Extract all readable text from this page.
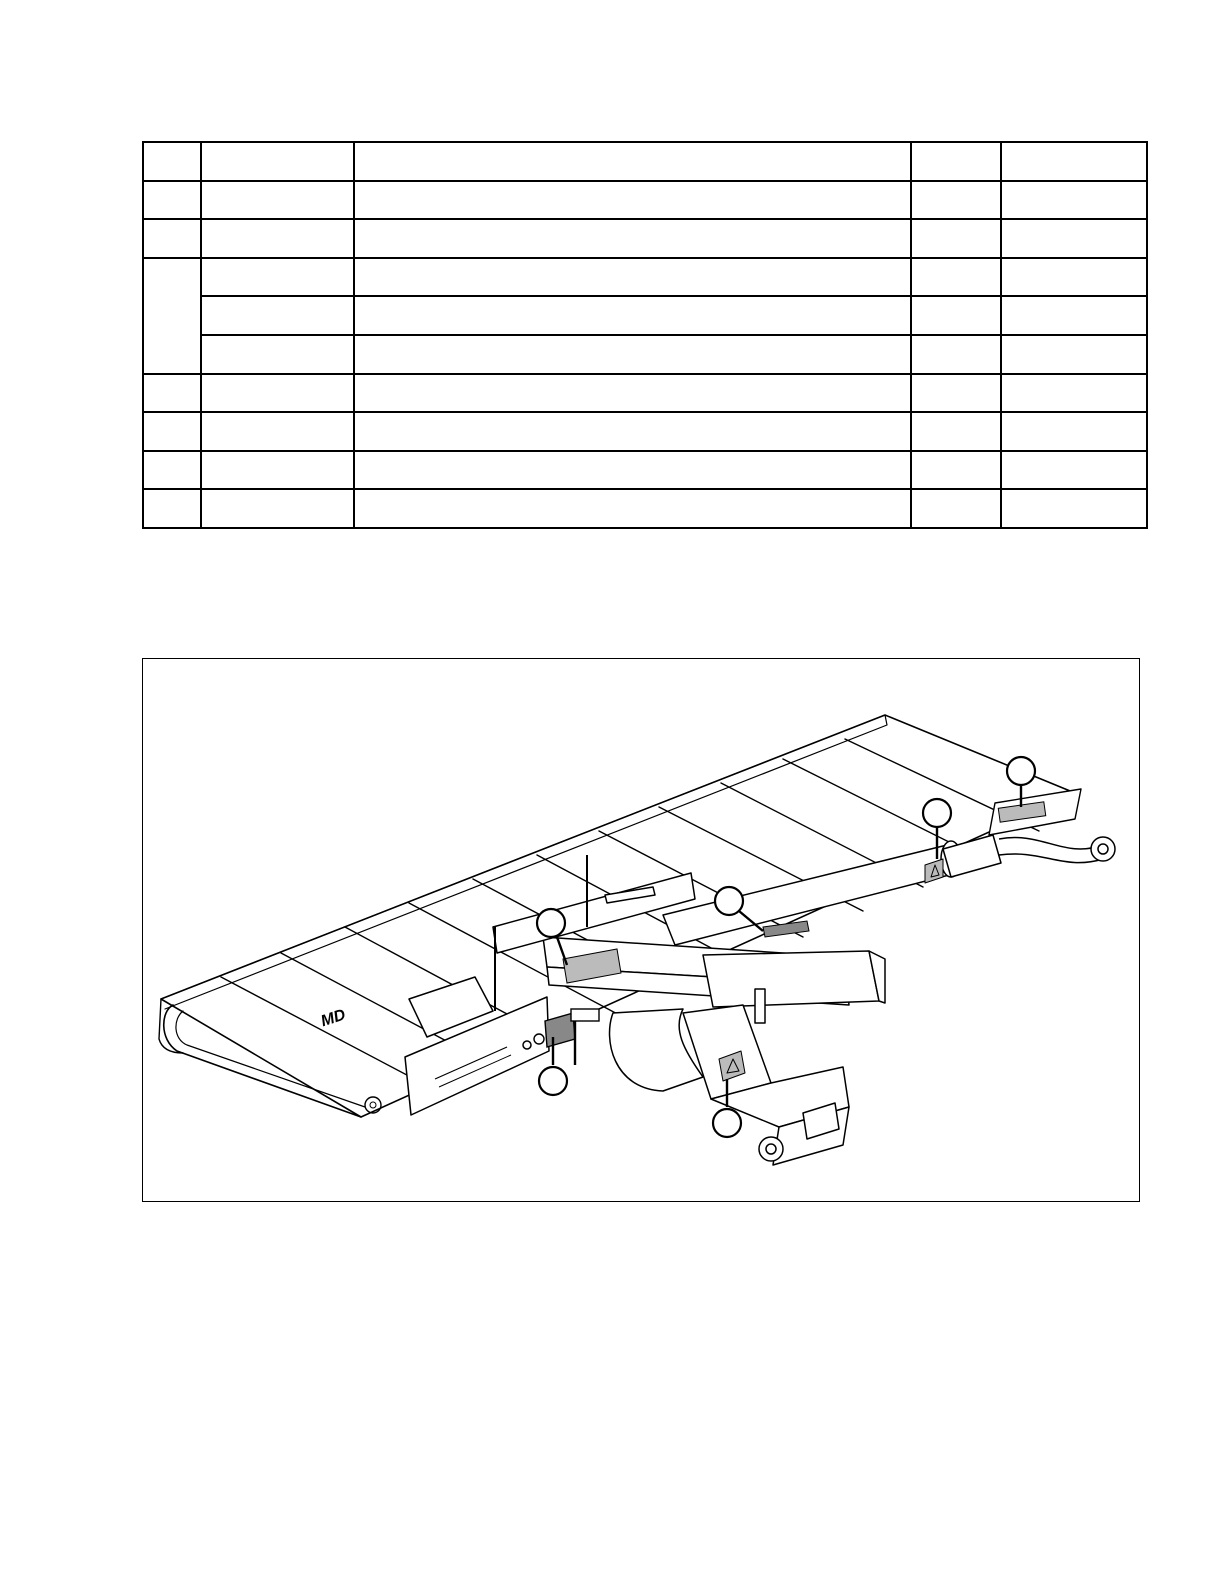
MD
